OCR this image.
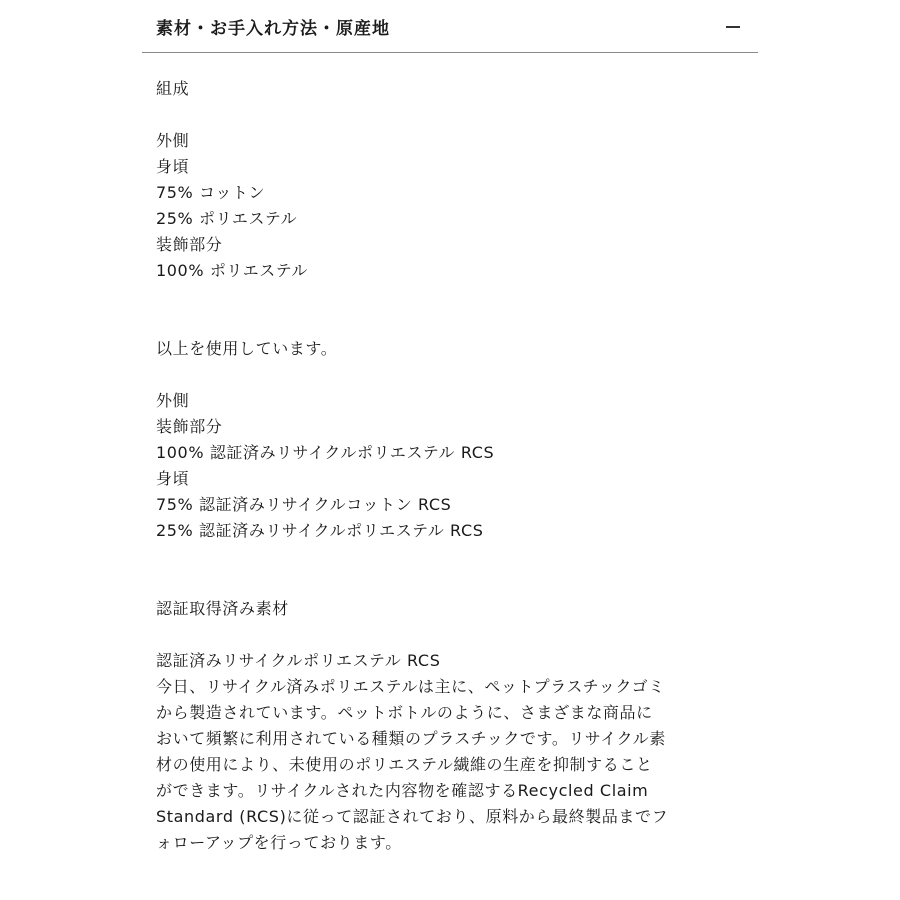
素材・お手入れ方法・原産地
組成
外側
身頃
75% コットン
25% ポリエステル
装飾部分
100% ポリエステル
以上を使用しています。
外側
装飾部分
100% 認証済みリサイクルポリエステル RCS
身頃
75% 認証済みリサイクルコットン RCS
25% 認証済みリサイクルポリエステル RCS
認証取得済み素材
認証済みリサイクルポリエステル RCS
今日、リサイクル済みポリエステルは主に、ペットプラスチックゴミ
から製造されています。ペットボトルのように、さまざまな商品に
おいて頻繁に利用されている種類のプラスチックです。リサイクル素
材の使用により、未使用のポリエステル繊維の生産を抑制すること
ができます。リサイクルされた内容物を確認するRecycled Claim
Standard (RCS)に従って認証されており、原料から最終製品までフ
ォローアップを行っております。
